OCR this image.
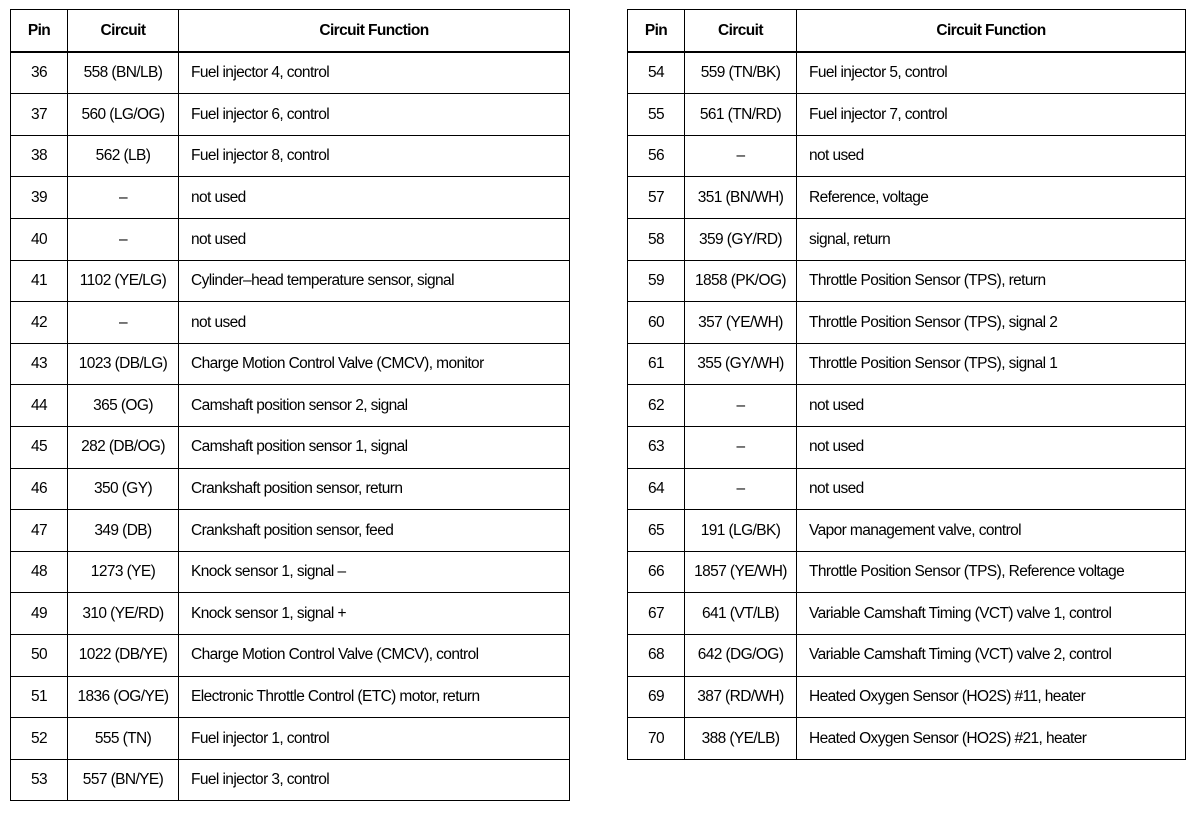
Pin	Circuit	Circuit Function
36	558 (BN/LB)	Fuel injector 4, control
37	560 (LG/OG)	Fuel injector 6, control
38	562 (LB)	Fuel injector 8, control
39	–	not used
40	–	not used
41	1102 (YE/LG)	Cylinder–head temperature sensor, signal
42	–	not used
43	1023 (DB/LG)	Charge Motion Control Valve (CMCV), monitor
44	365 (OG)	Camshaft position sensor 2, signal
45	282 (DB/OG)	Camshaft position sensor 1, signal
46	350 (GY)	Crankshaft position sensor, return
47	349 (DB)	Crankshaft position sensor, feed
48	1273 (YE)	Knock sensor 1, signal –
49	310 (YE/RD)	Knock sensor 1, signal +
50	1022 (DB/YE)	Charge Motion Control Valve (CMCV), control
51	1836 (OG/YE)	Electronic Throttle Control (ETC) motor, return
52	555 (TN)	Fuel injector 1, control
53	557 (BN/YE)	Fuel injector 3, control
Pin	Circuit	Circuit Function
54	559 (TN/BK)	Fuel injector 5, control
55	561 (TN/RD)	Fuel injector 7, control
56	–	not used
57	351 (BN/WH)	Reference, voltage
58	359 (GY/RD)	signal, return
59	1858 (PK/OG)	Throttle Position Sensor (TPS), return
60	357 (YE/WH)	Throttle Position Sensor (TPS), signal 2
61	355 (GY/WH)	Throttle Position Sensor (TPS), signal 1
62	–	not used
63	–	not used
64	–	not used
65	191 (LG/BK)	Vapor management valve, control
66	1857 (YE/WH)	Throttle Position Sensor (TPS), Reference voltage
67	641 (VT/LB)	Variable Camshaft Timing (VCT) valve 1, control
68	642 (DG/OG)	Variable Camshaft Timing (VCT) valve 2, control
69	387 (RD/WH)	Heated Oxygen Sensor (HO2S) #11, heater
70	388 (YE/LB)	Heated Oxygen Sensor (HO2S) #21, heater
